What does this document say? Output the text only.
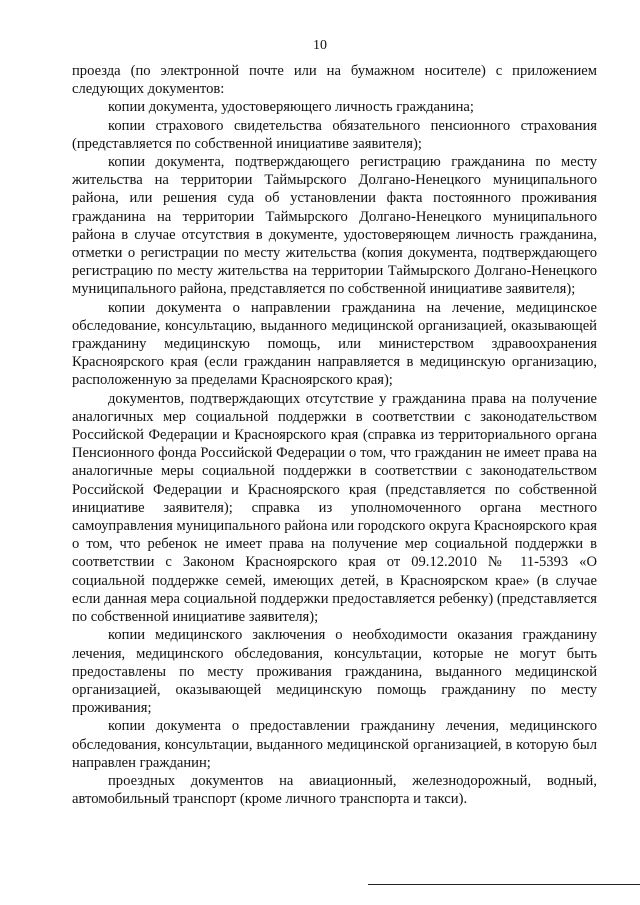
10

проезда (по электронной почте или на бумажном носителе) с приложением следующих документов:

копии документа, удостоверяющего личность гражданина;

копии страхового свидетельства обязательного пенсионного страхования (представляется по собственной инициативе заявителя);

копии документа, подтверждающего регистрацию гражданина по месту жительства на территории Таймырского Долгано-Ненецкого муниципального района, или решения суда об установлении факта постоянного проживания гражданина на территории Таймырского Долгано-Ненецкого муниципального района в случае отсутствия в документе, удостоверяющем личность гражданина, отметки о регистрации по месту жительства (копия документа, подтверждающего регистрацию по месту жительства на территории Таймырского Долгано-Ненецкого муниципального района, представляется по собственной инициативе заявителя);

копии документа о направлении гражданина на лечение, медицинское обследование, консультацию, выданного медицинской организацией, оказывающей гражданину медицинскую помощь, или министерством здравоохранения Красноярского края (если гражданин направляется в медицинскую организацию, расположенную за пределами Красноярского края);

документов, подтверждающих отсутствие у гражданина права на получение аналогичных мер социальной поддержки в соответствии с законодательством Российской Федерации и Красноярского края (справка из территориального органа Пенсионного фонда Российской Федерации о том, что гражданин не имеет права на аналогичные меры социальной поддержки в соответствии с законодательством Российской Федерации и Красноярского края (представляется по собственной инициативе заявителя); справка из уполномоченного органа местного самоуправления муниципального района или городского округа Красноярского края о том, что ребенок не имеет права на получение мер социальной поддержки в соответствии с Законом Красноярского края от 09.12.2010 № 11-5393 «О социальной поддержке семей, имеющих детей, в Красноярском крае» (в случае если данная мера социальной поддержки предоставляется ребенку) (представляется по собственной инициативе заявителя);

копии медицинского заключения о необходимости оказания гражданину лечения, медицинского обследования, консультации, которые не могут быть предоставлены по месту проживания гражданина, выданного медицинской организацией, оказывающей медицинскую помощь гражданину по месту проживания;

копии документа о предоставлении гражданину лечения, медицинского обследования, консультации, выданного медицинской организацией, в которую был направлен гражданин;

проездных документов на авиационный, железнодорожный, водный, автомобильный транспорт (кроме личного транспорта и такси).
